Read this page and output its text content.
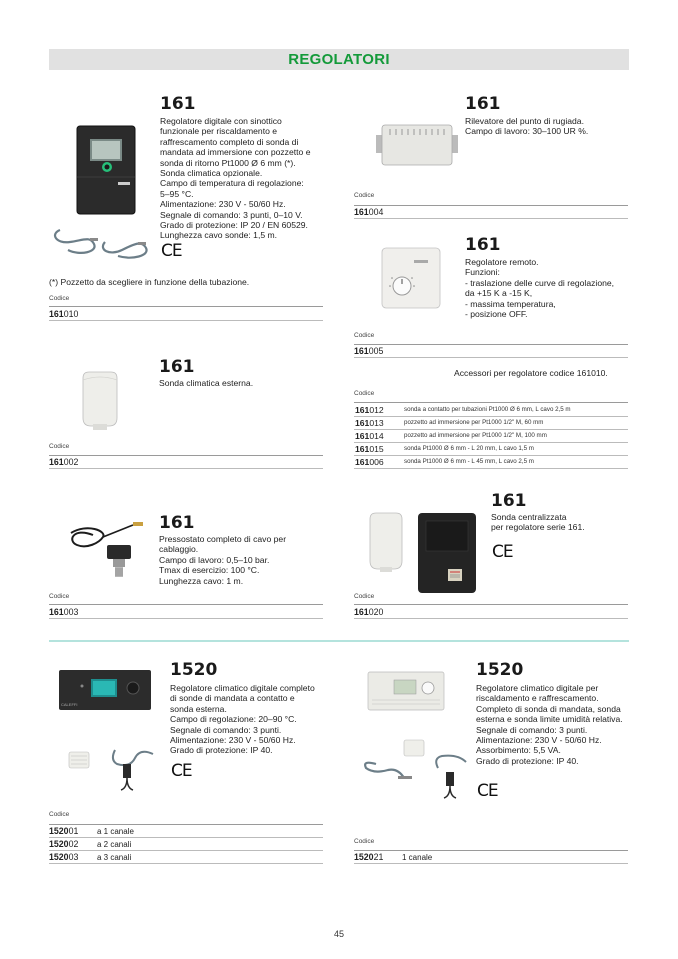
REGOLATORI
161
Regolatore digitale con sinottico
funzionale per riscaldamento e
raffrescamento completo di sonda di
mandata ad immersione con pozzetto e
sonda di ritorno Pt1000 Ø 6 mm (*).
Sonda climatica opzionale.
Campo di temperatura di regolazione:
5–95 °C.
Alimentazione: 230 V - 50/60 Hz.
Segnale di comando: 3 punti, 0–10 V.
Grado di protezione: IP 20 / EN 60529.
Lunghezza cavo sonde: 1,5 m.
CE
(*) Pozzetto da scegliere in funzione della tubazione.
Codice
161010
161
Rilevatore del punto di rugiada.
Campo di lavoro: 30–100 UR %.
Codice
161004
161
Regolatore remoto.
Funzioni:
- traslazione delle curve di regolazione,
da +15 K a -15 K,
- massima temperatura,
- posizione OFF.
Codice
161005
161
Sonda climatica esterna.
Codice
161002
Accessori per regolatore codice 161010.
Codice
161012	sonda a contatto per tubazioni Pt1000 Ø 6 mm, L cavo 2,5 m
161013	pozzetto ad immersione per Pt1000 1/2" M, 60 mm
161014	pozzetto ad immersione per Pt1000 1/2" M, 100 mm
161015	sonda Pt1000 Ø 6 mm - L 20 mm, L cavo 1,5 m
161006	sonda Pt1000 Ø 6 mm - L 45 mm, L cavo 2,5 m
161
Pressostato completo di cavo per
cablaggio.
Campo di lavoro: 0,5–10 bar.
Tmax di esercizio: 100 °C.
Lunghezza cavo: 1 m.
Codice
161003
161
Sonda centralizzata
per regolatore serie 161.
CE
Codice
161020
CALEFFI
1520
Regolatore climatico digitale completo
di sonde di mandata a contatto e
sonda esterna.
Campo di regolazione: 20–90 °C.
Segnale di comando: 3 punti.
Alimentazione: 230 V - 50/60 Hz.
Grado di protezione: IP 40.
CE
Codice
152001 a 1 canale
152002 a 2 canali
152003 a 3 canali
1520
Regolatore climatico digitale per
riscaldamento e raffrescamento.
Completo di sonda di mandata, sonda
esterna e sonda limite umidità relativa.
Segnale di comando: 3 punti.
Alimentazione: 230 V - 50/60 Hz.
Assorbimento: 5,5 VA.
Grado di protezione: IP 40.
CE
Codice
152021 1 canale
45
